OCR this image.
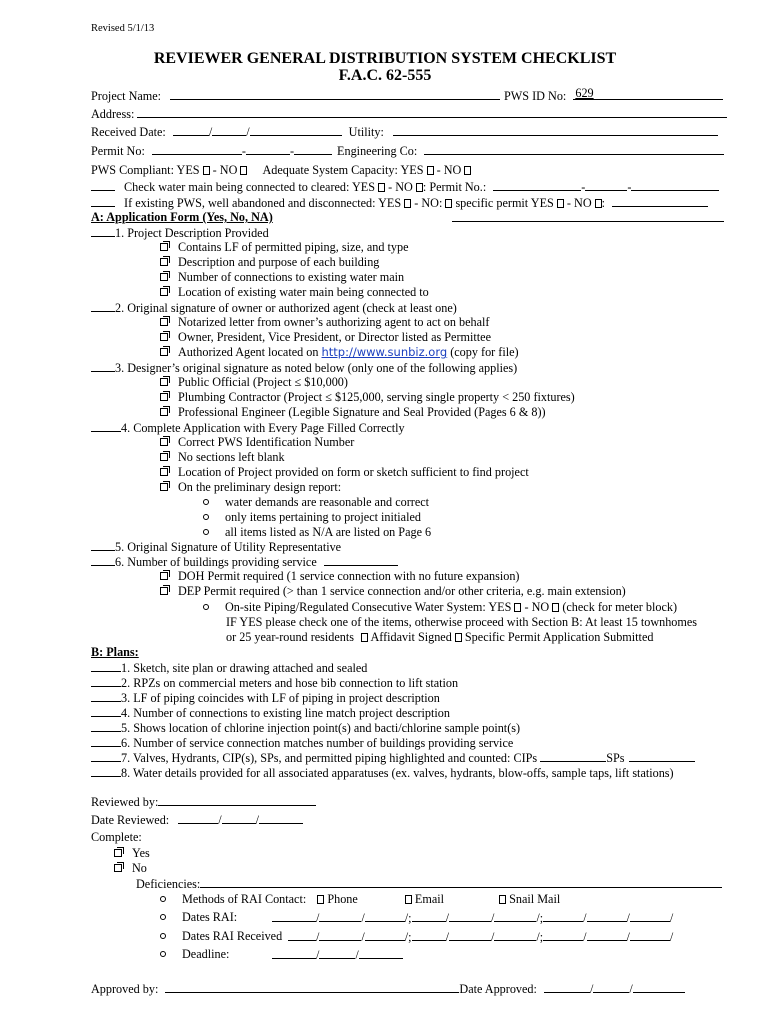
Revised 5/1/13
REVIEWER GENERAL DISTRIBUTION SYSTEM CHECKLIST
F.A.C. 62-555
Project Name:	PWS ID No: 629
Address:
Received Date:	/	/	Utility:
Permit No:	-	-	Engineering Co:
PWS Compliant: YES - NO Adequate System Capacity: YES - NO
Check water main being connected to cleared: YES - NO : Permit No.:	-	-
If existing PWS, well abandoned and disconnected: YES - NO: specific permit YES - NO :
A: Application Form (Yes, No, NA)
1. Project Description Provided
Contains LF of permitted piping, size, and type
Description and purpose of each building
Number of connections to existing water main
Location of existing water main being connected to
2. Original signature of owner or authorized agent (check at least one)
Notarized letter from owner’s authorizing agent to act on behalf
Owner, President, Vice President, or Director listed as Permittee
Authorized Agent located on http://www.sunbiz.org (copy for file)
3. Designer’s original signature as noted below (only one of the following applies)
Public Official (Project ≤ $10,000)
Plumbing Contractor (Project ≤ $125,000, serving single property < 250 fixtures)
Professional Engineer (Legible Signature and Seal Provided (Pages 6 & 8))
4. Complete Application with Every Page Filled Correctly
Correct PWS Identification Number
No sections left blank
Location of Project provided on form or sketch sufficient to find project
On the preliminary design report:
water demands are reasonable and correct
only items pertaining to project initialed
all items listed as N/A are listed on Page 6
5. Original Signature of Utility Representative
6. Number of buildings providing service
DOH Permit required (1 service connection with no future expansion)
DEP Permit required (> than 1 service connection and/or other criteria, e.g. main extension)
On-site Piping/Regulated Consecutive Water System: YES - NO (check for meter block)
IF YES please check one of the items, otherwise proceed with Section B: At least 15 townhomes
or 25 year-round residents Affidavit Signed Specific Permit Application Submitted
B: Plans:
1. Sketch, site plan or drawing attached and sealed
2. RPZs on commercial meters and hose bib connection to lift station
3. LF of piping coincides with LF of piping in project description
4. Number of connections to existing line match project description
5. Shows location of chlorine injection point(s) and bacti/chlorine sample point(s)
6. Number of service connection matches number of buildings providing service
7. Valves, Hydrants, CIP(s), SPs, and permitted piping highlighted and counted: CIPs	SPs
8. Water details provided for all associated apparatuses (ex. valves, hydrants, blow-offs, sample taps, lift stations)
Reviewed by:
Date Reviewed:	/	/
Complete:
Yes
No
Deficiencies:
Methods of RAI Contact: Phone	Email	Snail Mail
Dates RAI:	/	/	/;	/	/	/;	/	/	/
Dates RAI Received	/	/	/;	/	/	/;	/	/	/
Deadline:	/	/
Approved by:	Date Approved:	/	/
